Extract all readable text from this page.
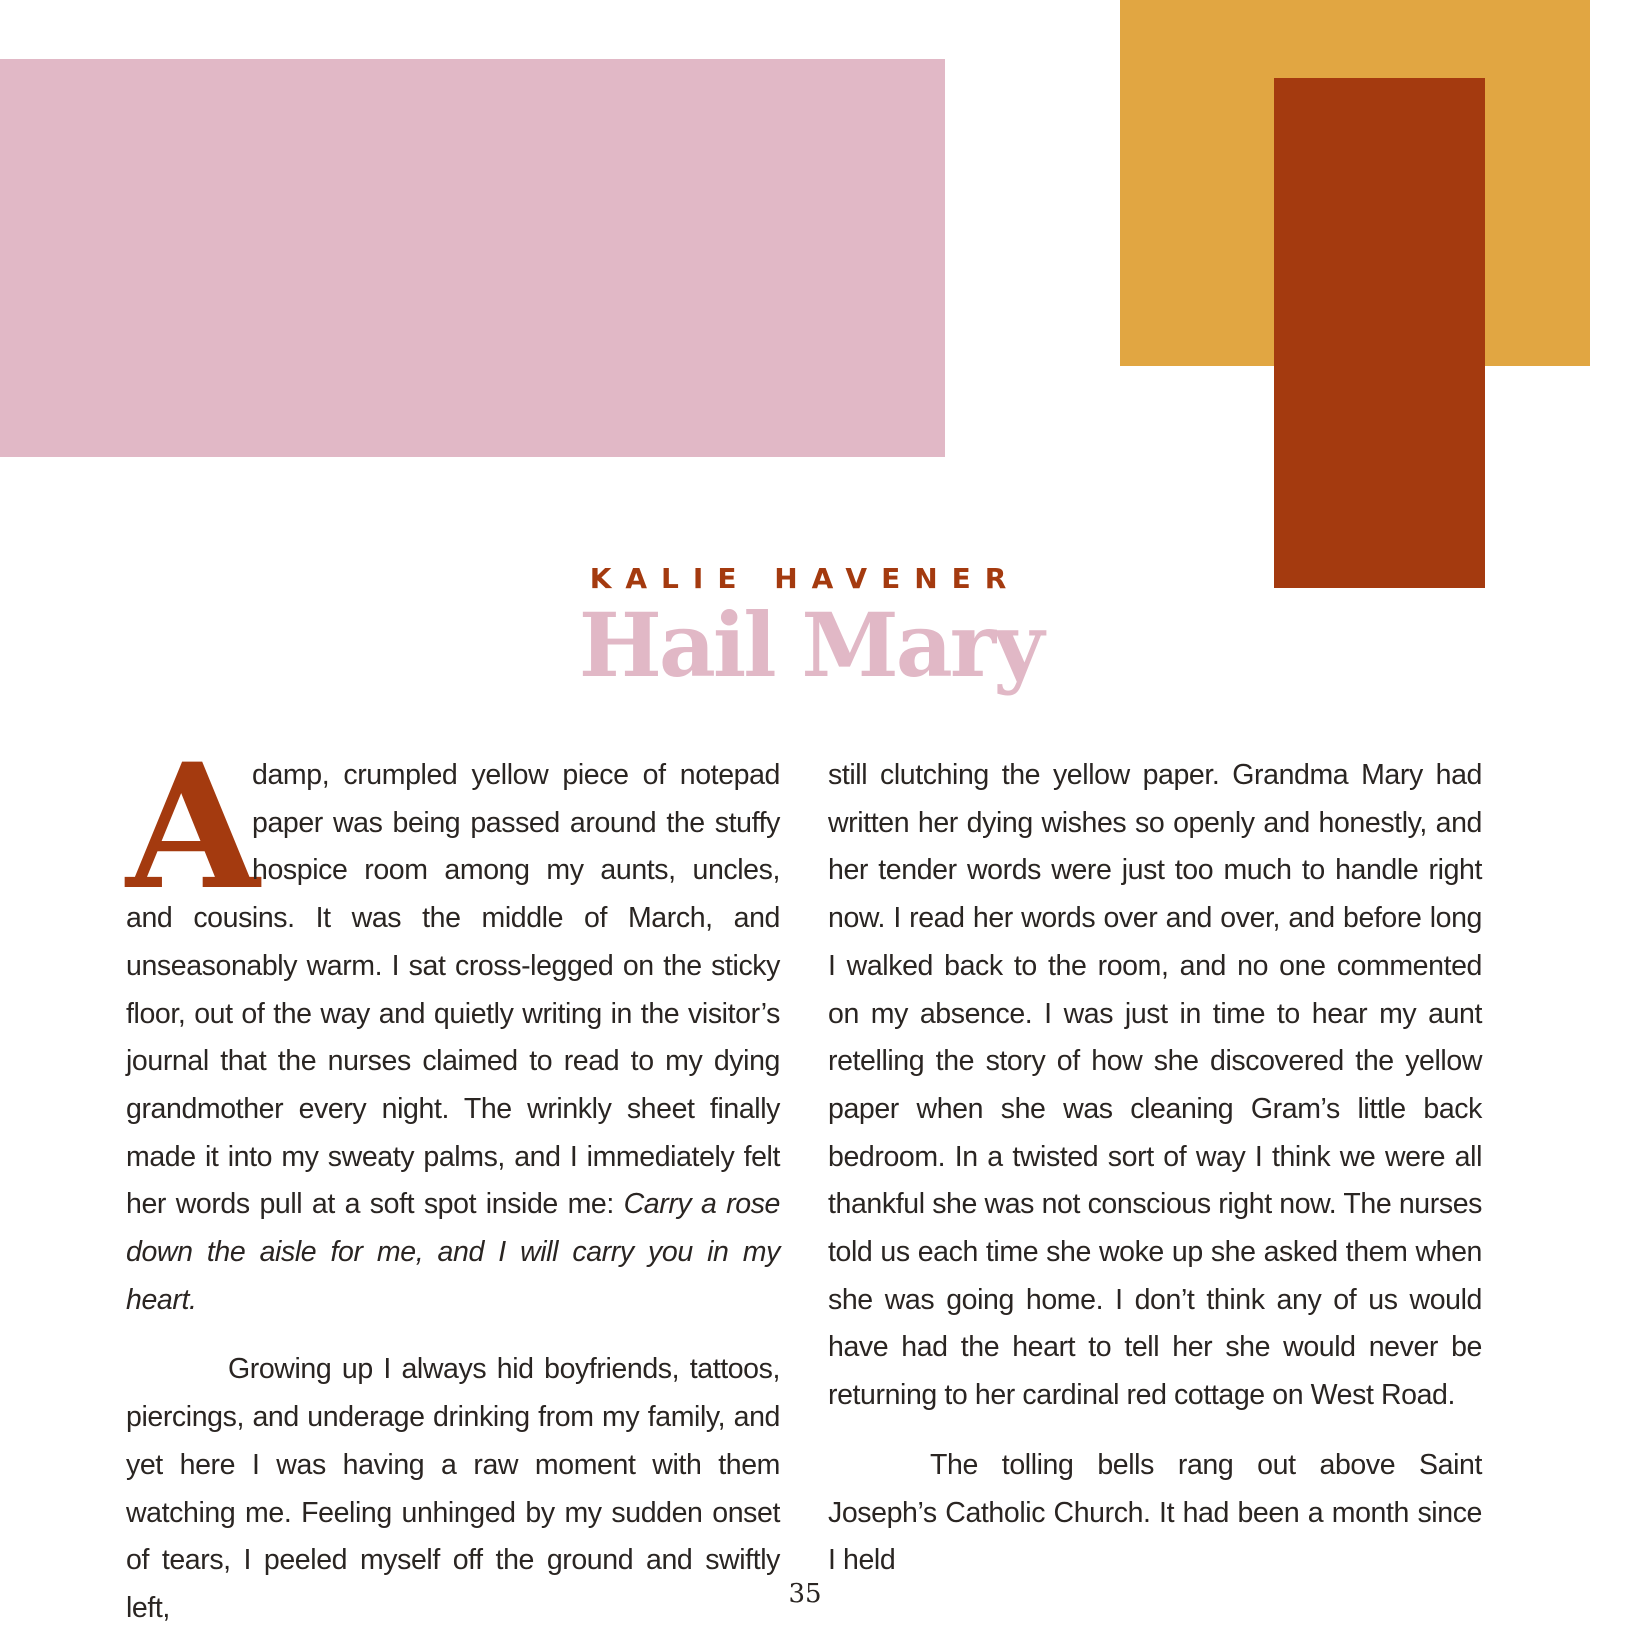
KALIE HAVENER
Hail Mary

A
damp, crumpled yellow piece of notepad paper was being passed around the stuffy hospice room among my aunts, uncles, and cousins. It was the middle of March, and unseasonably warm. I sat cross-legged on the sticky floor, out of the way and quietly writing in the visitor’s journal that the nurses claimed to read to my dying grandmother every night. The wrinkly sheet finally made it into my sweaty palms, and I immediately felt her words pull at a soft spot inside me: Carry a rose down the aisle for me, and I will carry you in my heart.

Growing up I always hid boyfriends, tattoos, piercings, and underage drinking from my family, and yet here I was having a raw moment with them watching me. Feeling unhinged by my sudden onset of tears, I peeled myself off the ground and swiftly left,

still clutching the yellow paper. Grandma Mary had written her dying wishes so openly and honestly, and her tender words were just too much to handle right now. I read her words over and over, and before long I walked back to the room, and no one commented on my absence. I was just in time to hear my aunt retelling the story of how she discovered the yellow paper when she was cleaning Gram’s little back bedroom. In a twisted sort of way I think we were all thankful she was not conscious right now. The nurses told us each time she woke up she asked them when she was going home. I don’t think any of us would have had the heart to tell her she would never be returning to her cardinal red cottage on West Road.

The tolling bells rang out above Saint Joseph’s Catholic Church. It had been a month since I held

35
